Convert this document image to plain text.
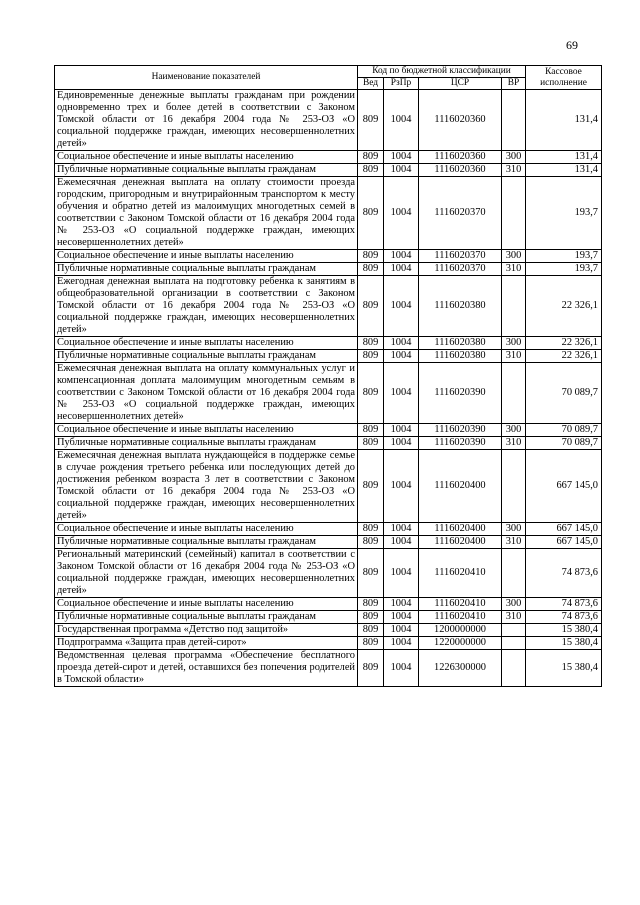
69
Наименование показателей	Код по бюджетной классификации				Кассовое исполнение
	Вед	РзПр	ЦСР	ВР	
Единовременные денежные выплаты гражданам при рождении одновременно трех и более детей в соответствии с Законом Томской области от 16 декабря 2004 года № 253-ОЗ «О социальной поддержке граждан, имеющих несовершеннолетних детей»	809	1004	1116020360		131,4
Социальное обеспечение и иные выплаты населению	809	1004	1116020360	300	131,4
Публичные нормативные социальные выплаты гражданам	809	1004	1116020360	310	131,4
Ежемесячная денежная выплата на оплату стоимости проезда городским, пригородным и внутрирайонным транспортом к месту обучения и обратно детей из малоимущих многодетных семей в соответствии с Законом Томской области от 16 декабря 2004 года № 253-ОЗ «О социальной поддержке граждан, имеющих несовершеннолетних детей»	809	1004	1116020370		193,7
Социальное обеспечение и иные выплаты населению	809	1004	1116020370	300	193,7
Публичные нормативные социальные выплаты гражданам	809	1004	1116020370	310	193,7
Ежегодная денежная выплата на подготовку ребенка к занятиям в общеобразовательной организации в соответствии с Законом Томской области от 16 декабря 2004 года № 253-ОЗ «О социальной поддержке граждан, имеющих несовершеннолетних детей»	809	1004	1116020380		22 326,1
Социальное обеспечение и иные выплаты населению	809	1004	1116020380	300	22 326,1
Публичные нормативные социальные выплаты гражданам	809	1004	1116020380	310	22 326,1
Ежемесячная денежная выплата на оплату коммунальных услуг и компенсационная доплата малоимущим многодетным семьям в соответствии с Законом Томской области от 16 декабря 2004 года № 253-ОЗ «О социальной поддержке граждан, имеющих несовершеннолетних детей»	809	1004	1116020390		70 089,7
Социальное обеспечение и иные выплаты населению	809	1004	1116020390	300	70 089,7
Публичные нормативные социальные выплаты гражданам	809	1004	1116020390	310	70 089,7
Ежемесячная денежная выплата нуждающейся в поддержке семье в случае рождения третьего ребенка или последующих детей до достижения ребенком возраста 3 лет в соответствии с Законом Томской области от 16 декабря 2004 года № 253-ОЗ «О социальной поддержке граждан, имеющих несовершеннолетних детей»	809	1004	1116020400		667 145,0
Социальное обеспечение и иные выплаты населению	809	1004	1116020400	300	667 145,0
Публичные нормативные социальные выплаты гражданам	809	1004	1116020400	310	667 145,0
Региональный материнский (семейный) капитал в соответствии с Законом Томской области от 16 декабря 2004 года № 253-ОЗ «О социальной поддержке граждан, имеющих несовершеннолетних детей»	809	1004	1116020410		74 873,6
Социальное обеспечение и иные выплаты населению	809	1004	1116020410	300	74 873,6
Публичные нормативные социальные выплаты гражданам	809	1004	1116020410	310	74 873,6
Государственная программа «Детство под защитой»	809	1004	1200000000		15 380,4
Подпрограмма «Защита прав детей-сирот»	809	1004	1220000000		15 380,4
Ведомственная целевая программа «Обеспечение бесплатного проезда детей-сирот и детей, оставшихся без попечения родителей в Томской области»	809	1004	1226300000		15 380,4
